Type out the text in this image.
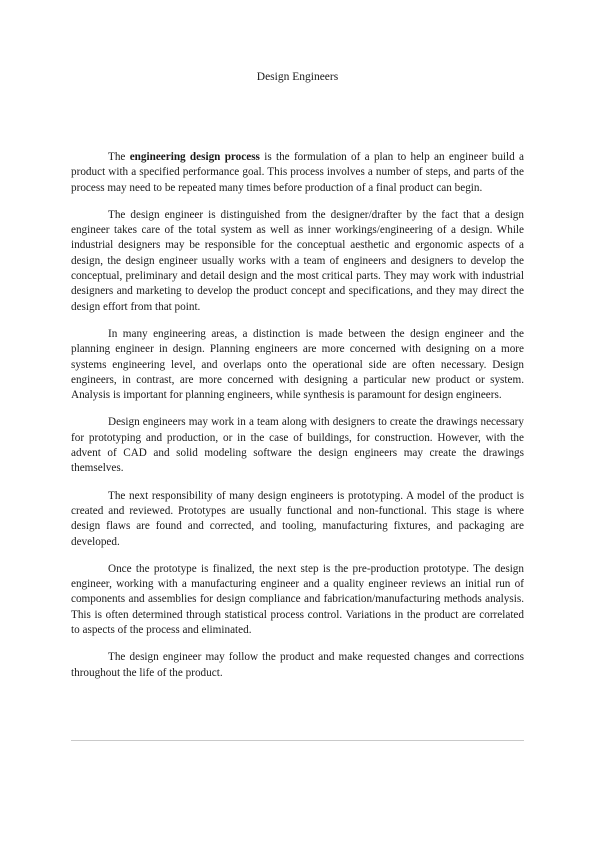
Design Engineers

The engineering design process is the formulation of a plan to help an engineer build a product with a specified performance goal. This process involves a number of steps, and parts of the process may need to be repeated many times before production of a final product can begin.

The design engineer is distinguished from the designer/drafter by the fact that a design engineer takes care of the total system as well as inner workings/engineering of a design. While industrial designers may be responsible for the conceptual aesthetic and ergonomic aspects of a design, the design engineer usually works with a team of engineers and designers to develop the conceptual, preliminary and detail design and the most critical parts. They may work with industrial designers and marketing to develop the product concept and specifications, and they may direct the design effort from that point.

In many engineering areas, a distinction is made between the design engineer and the planning engineer in design. Planning engineers are more concerned with designing on a more systems engineering level, and overlaps onto the operational side are often necessary. Design engineers, in contrast, are more concerned with designing a particular new product or system. Analysis is important for planning engineers, while synthesis is paramount for design engineers.

Design engineers may work in a team along with designers to create the drawings necessary for prototyping and production, or in the case of buildings, for construction. However, with the advent of CAD and solid modeling software the design engineers may create the drawings themselves.

The next responsibility of many design engineers is prototyping. A model of the product is created and reviewed. Prototypes are usually functional and non-functional. This stage is where design flaws are found and corrected, and tooling, manufacturing fixtures, and packaging are developed.

Once the prototype is finalized, the next step is the pre-production prototype. The design engineer, working with a manufacturing engineer and a quality engineer reviews an initial run of components and assemblies for design compliance and fabrication/manufacturing methods analysis. This is often determined through statistical process control. Variations in the product are correlated to aspects of the process and eliminated.

The design engineer may follow the product and make requested changes and corrections throughout the life of the product.
